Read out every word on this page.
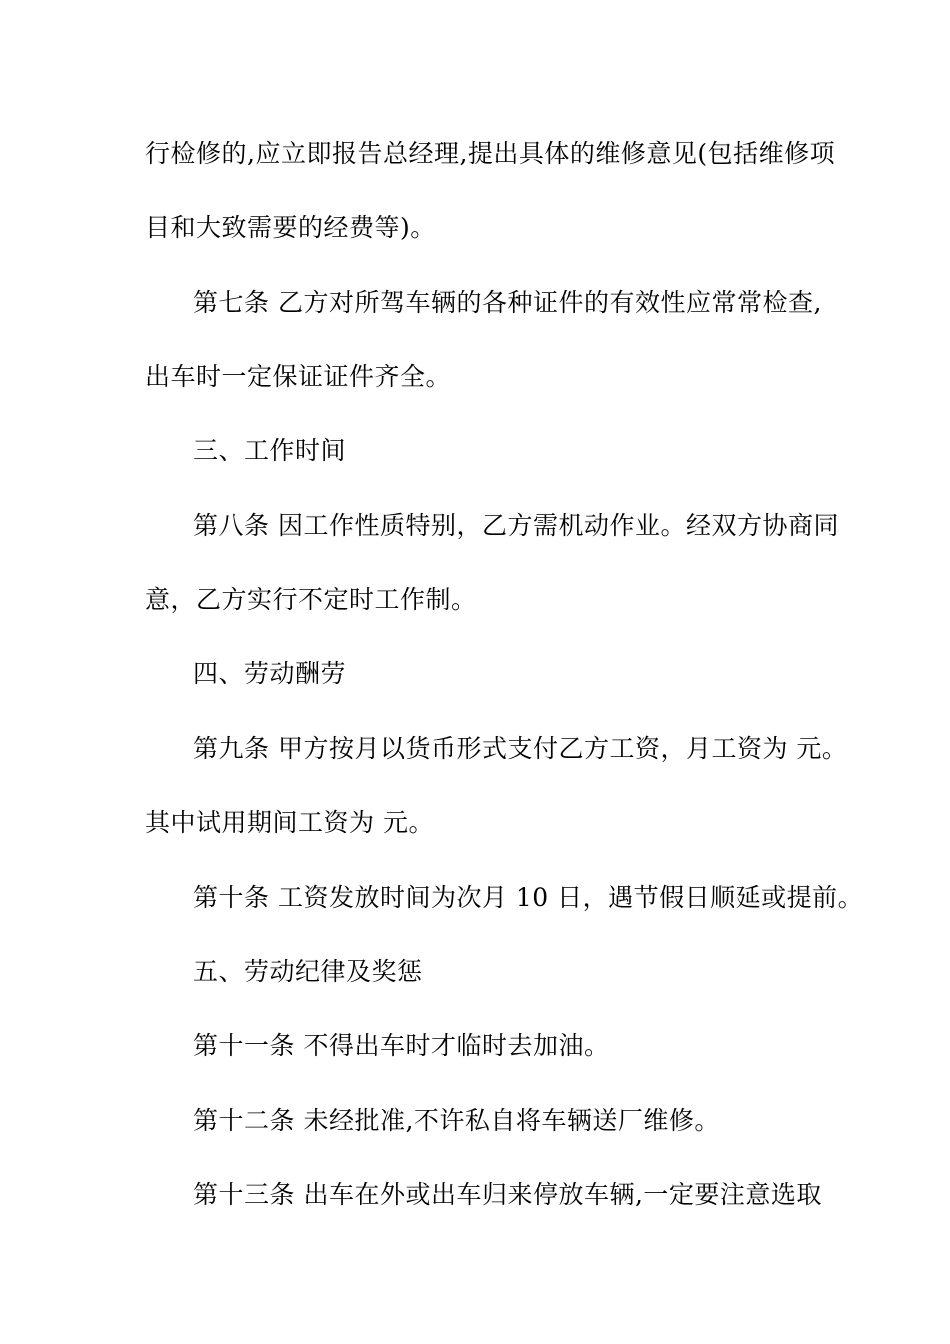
行检修的,应立即报告总经理,提出具体的维修意见(包括维修项
目和大致需要的经费等)。
第七条 乙方对所驾车辆的各种证件的有效性应常常检查,
出车时一定保证证件齐全。
三、工作时间
第八条 因工作性质特别，乙方需机动作业。经双方协商同
意，乙方实行不定时工作制。
四、劳动酬劳
第九条 甲方按月以货币形式支付乙方工资，月工资为 元。
其中试用期间工资为 元。
第十条 工资发放时间为次月 10 日，遇节假日顺延或提前。
五、劳动纪律及奖惩
第十一条 不得出车时才临时去加油。
第十二条 未经批准,不许私自将车辆送厂维修。
第十三条 出车在外或出车归来停放车辆,一定要注意选取
